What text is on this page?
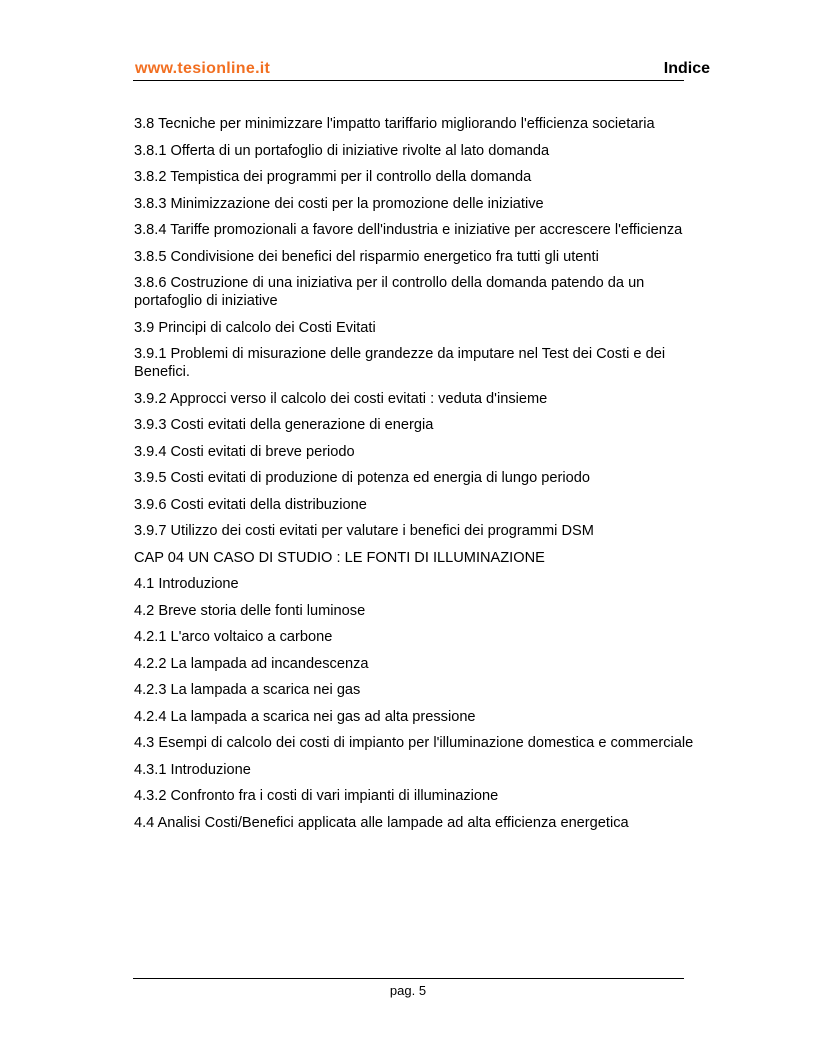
www.tesionline.it	Indice
3.8 Tecniche per minimizzare l'impatto tariffario migliorando l'efficienza societaria
3.8.1 Offerta di un portafoglio di iniziative rivolte al lato domanda
3.8.2 Tempistica dei programmi per il controllo della domanda
3.8.3 Minimizzazione dei costi per la promozione delle iniziative
3.8.4 Tariffe promozionali a favore dell'industria e iniziative per accrescere l'efficienza
3.8.5 Condivisione dei benefici del risparmio energetico fra tutti gli utenti
3.8.6 Costruzione di una iniziativa per il controllo della domanda patendo da un portafoglio di iniziative
3.9 Principi di calcolo dei Costi Evitati
3.9.1 Problemi di misurazione delle grandezze da imputare nel Test dei Costi e dei Benefici.
3.9.2 Approcci verso il calcolo dei costi evitati : veduta d'insieme
3.9.3 Costi evitati della generazione di energia
3.9.4 Costi evitati di breve periodo
3.9.5 Costi evitati di produzione di potenza ed energia di lungo periodo
3.9.6 Costi evitati della distribuzione
3.9.7 Utilizzo dei costi evitati per valutare i benefici dei programmi DSM
CAP 04 UN CASO DI STUDIO : LE FONTI DI ILLUMINAZIONE
4.1 Introduzione
4.2 Breve storia delle fonti luminose
4.2.1 L'arco voltaico a carbone
4.2.2 La lampada ad incandescenza
4.2.3 La lampada a scarica nei gas
4.2.4 La lampada a scarica nei gas ad alta pressione
4.3 Esempi di calcolo dei costi di impianto per l'illuminazione domestica e commerciale
4.3.1 Introduzione
4.3.2 Confronto fra i costi di vari impianti di illuminazione
4.4 Analisi Costi/Benefici applicata alle lampade ad alta efficienza energetica
pag. 5
